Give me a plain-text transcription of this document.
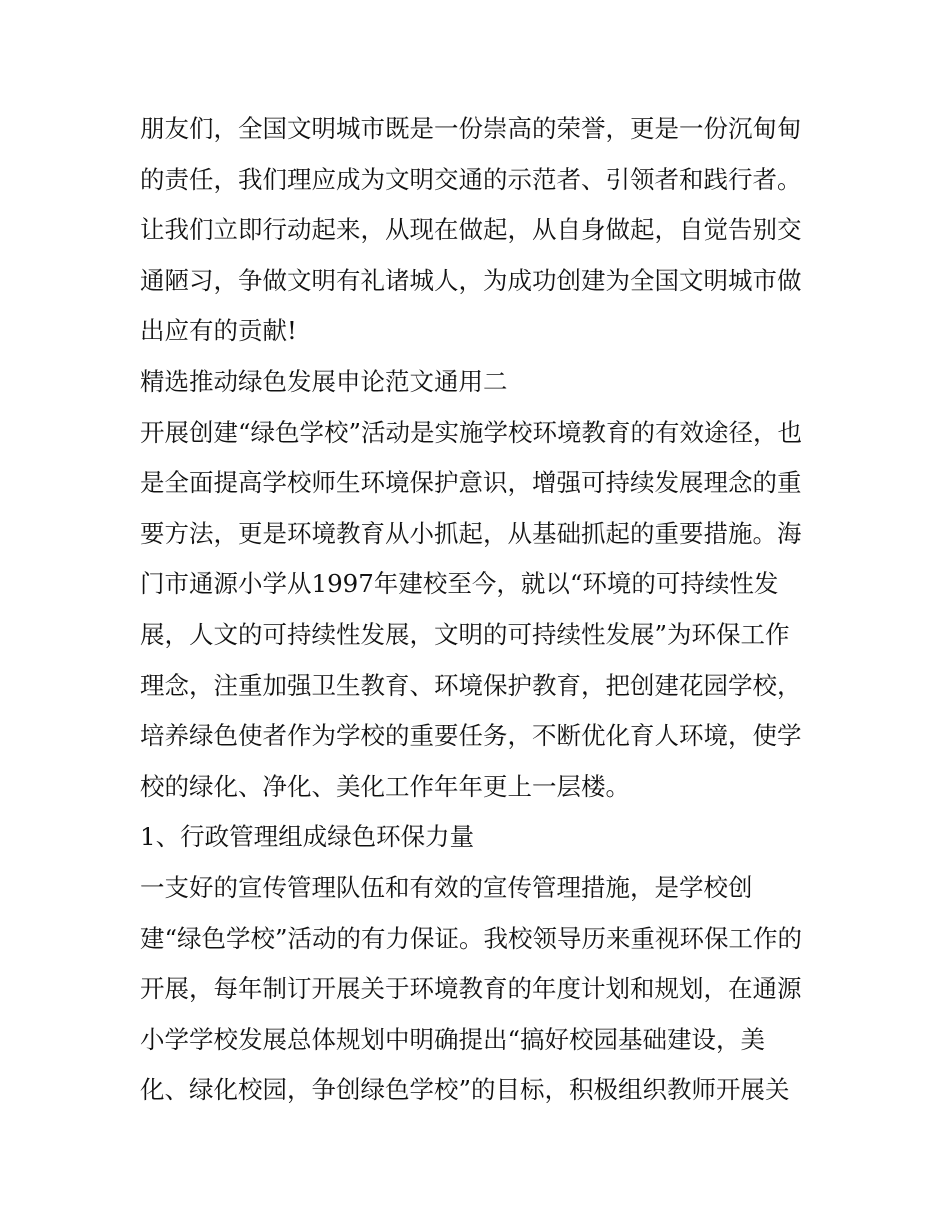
朋友们，全国文明城市既是一份崇高的荣誉，更是一份沉甸甸
的责任，我们理应成为文明交通的示范者、引领者和践行者。
让我们立即行动起来，从现在做起，从自身做起，自觉告别交
通陋习，争做文明有礼诸城人，为成功创建为全国文明城市做
出应有的贡献!
精选推动绿色发展申论范文通用二
开展创建“绿色学校”活动是实施学校环境教育的有效途径，也
是全面提高学校师生环境保护意识，增强可持续发展理念的重
要方法，更是环境教育从小抓起，从基础抓起的重要措施。海
门市通源小学从1997年建校至今，就以“环境的可持续性发
展，人文的可持续性发展，文明的可持续性发展”为环保工作
理念，注重加强卫生教育、环境保护教育，把创建花园学校，
培养绿色使者作为学校的重要任务，不断优化育人环境，使学
校的绿化、净化、美化工作年年更上一层楼。
1、行政管理组成绿色环保力量
一支好的宣传管理队伍和有效的宣传管理措施，是学校创
建“绿色学校”活动的有力保证。我校领导历来重视环保工作的
开展，每年制订开展关于环境教育的年度计划和规划，在通源
小学学校发展总体规划中明确提出“搞好校园基础建设，美
化、绿化校园，争创绿色学校”的目标，积极组织教师开展关
